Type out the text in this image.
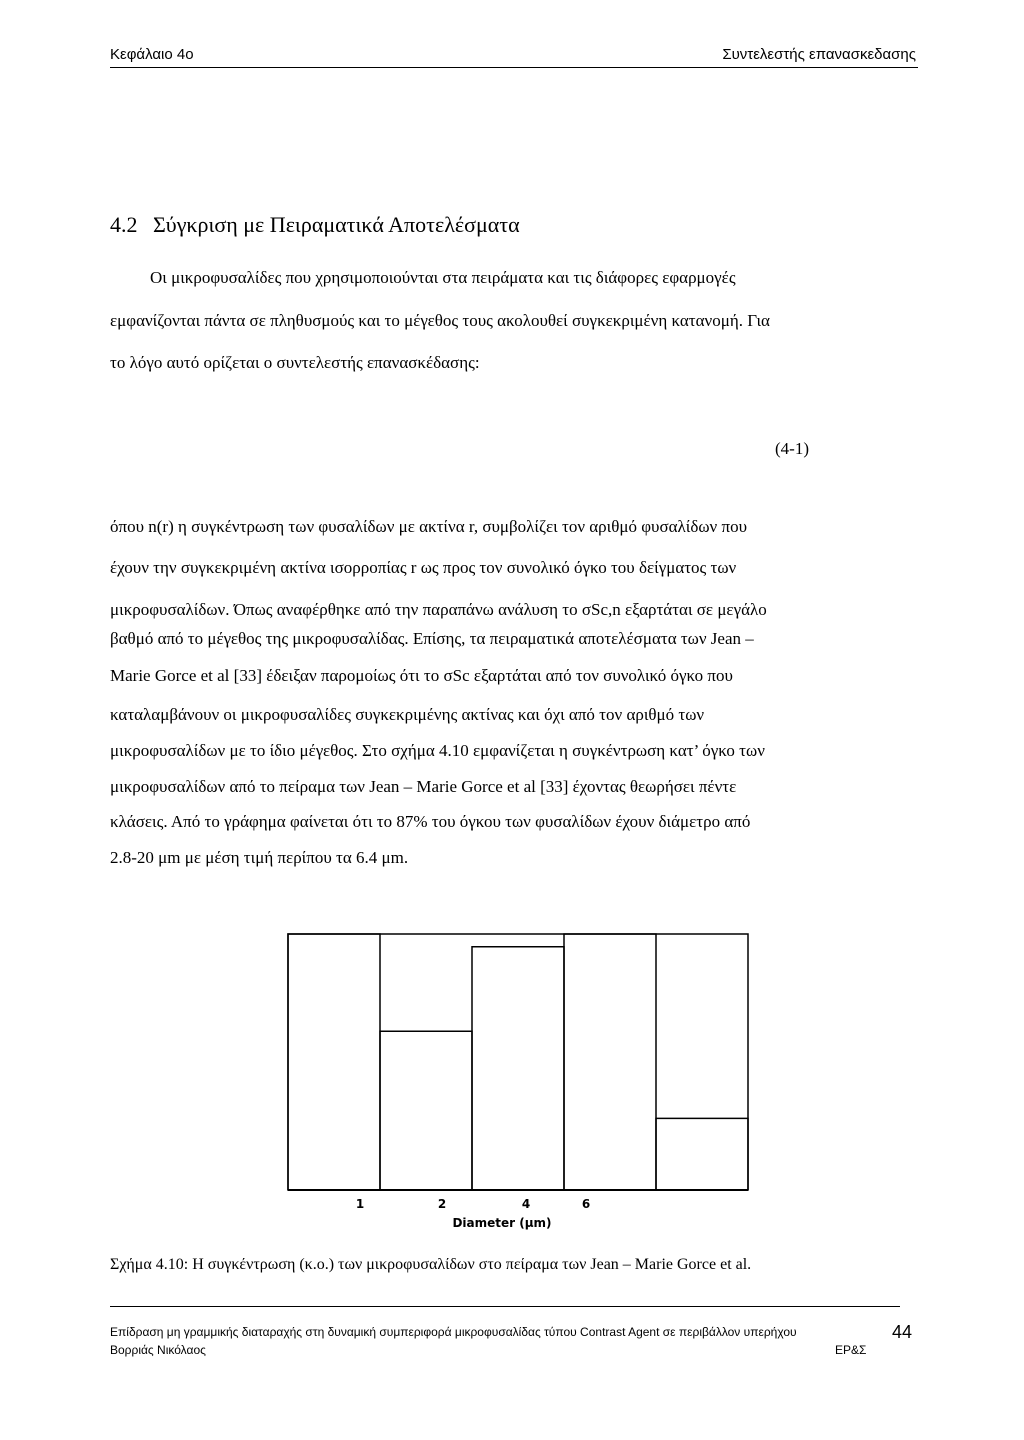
Κεφάλαιο 4ο	Συντελεστής επανασκεδασης
4.2 Σύγκριση με Πειραματικά Αποτελέσματα
Οι μικροφυσαλίδες που χρησιμοποιούνται στα πειράματα και τις διάφορες εφαρμογές
εμφανίζονται πάντα σε πληθυσμούς και το μέγεθος τους ακολουθεί συγκεκριμένη κατανομή. Για
το λόγο αυτό ορίζεται ο συντελεστής επανασκέδασης:
(4-1)
όπου n(r) η συγκέντρωση των φυσαλίδων με ακτίνα r, συμβολίζει τον αριθμό φυσαλίδων που
έχουν την συγκεκριμένη ακτίνα ισορροπίας r ως προς τον συνολικό όγκο του δείγματος των
μικροφυσαλίδων. Όπως αναφέρθηκε από την παραπάνω ανάλυση το σSc,n εξαρτάται σε μεγάλο
βαθμό από το μέγεθος της μικροφυσαλίδας. Επίσης, τα πειραματικά αποτελέσματα των Jean –
Marie Gorce et al [33] έδειξαν παρομοίως ότι το σSc εξαρτάται από τον συνολικό όγκο που
καταλαμβάνουν οι μικροφυσαλίδες συγκεκριμένης ακτίνας και όχι από τον αριθμό των
μικροφυσαλίδων με το ίδιο μέγεθος. Στο σχήμα 4.10 εμφανίζεται η συγκέντρωση κατ’ όγκο των
μικροφυσαλίδων από το πείραμα των Jean – Marie Gorce et al [33] έχοντας θεωρήσει πέντε
κλάσεις. Από το γράφημα φαίνεται ότι το 87% του όγκου των φυσαλίδων έχουν διάμετρο από
2.8-20 μm με μέση τιμή περίπου τα 6.4 μm.
1	2	4	6
Diameter (μm)
Σχήμα 4.10: Η συγκέντρωση (κ.ο.) των μικροφυσαλίδων στο πείραμα των Jean – Marie Gorce et al.
Επίδραση μη γραμμικής διαταραχής στη δυναμική συμπεριφορά μικροφυσαλίδας τύπου Contrast Agent σε περιβάλλον υπερήχου
Βορριάς Νικόλαος	ΕΡ&Σ
44
